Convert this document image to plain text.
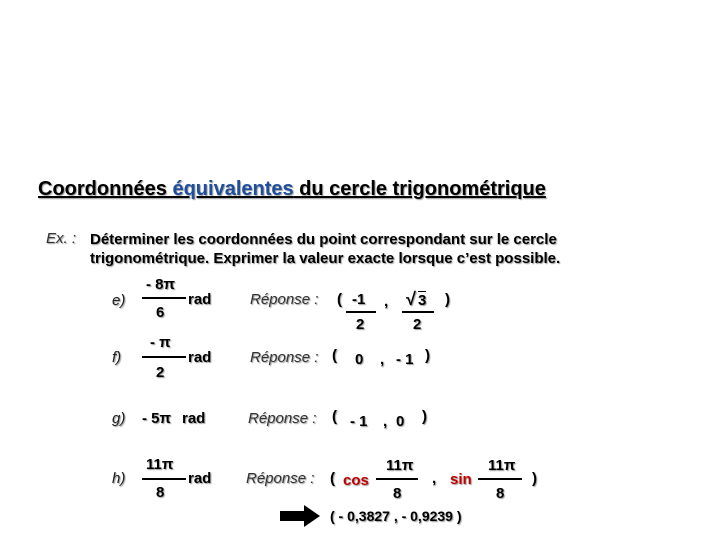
Coordonnées équivalentes du cercle trigonométrique
Ex. : Déterminer les coordonnées du point correspondant sur le cercle
trigonométrique. Exprimer la valeur exacte lorsque c’est possible.
e)
- 8π
6
rad	Réponse : ( -1
2
, √ 3
2
)
f)
- π
2
rad	Réponse : ( 0 , - 1 )
g) - 5π rad	Réponse : ( - 1 , 0 )
h)
11π
8
rad Réponse : ( cos
11π
8
, sin
11π
8
)
( - 0,3827 , - 0,9239 )
